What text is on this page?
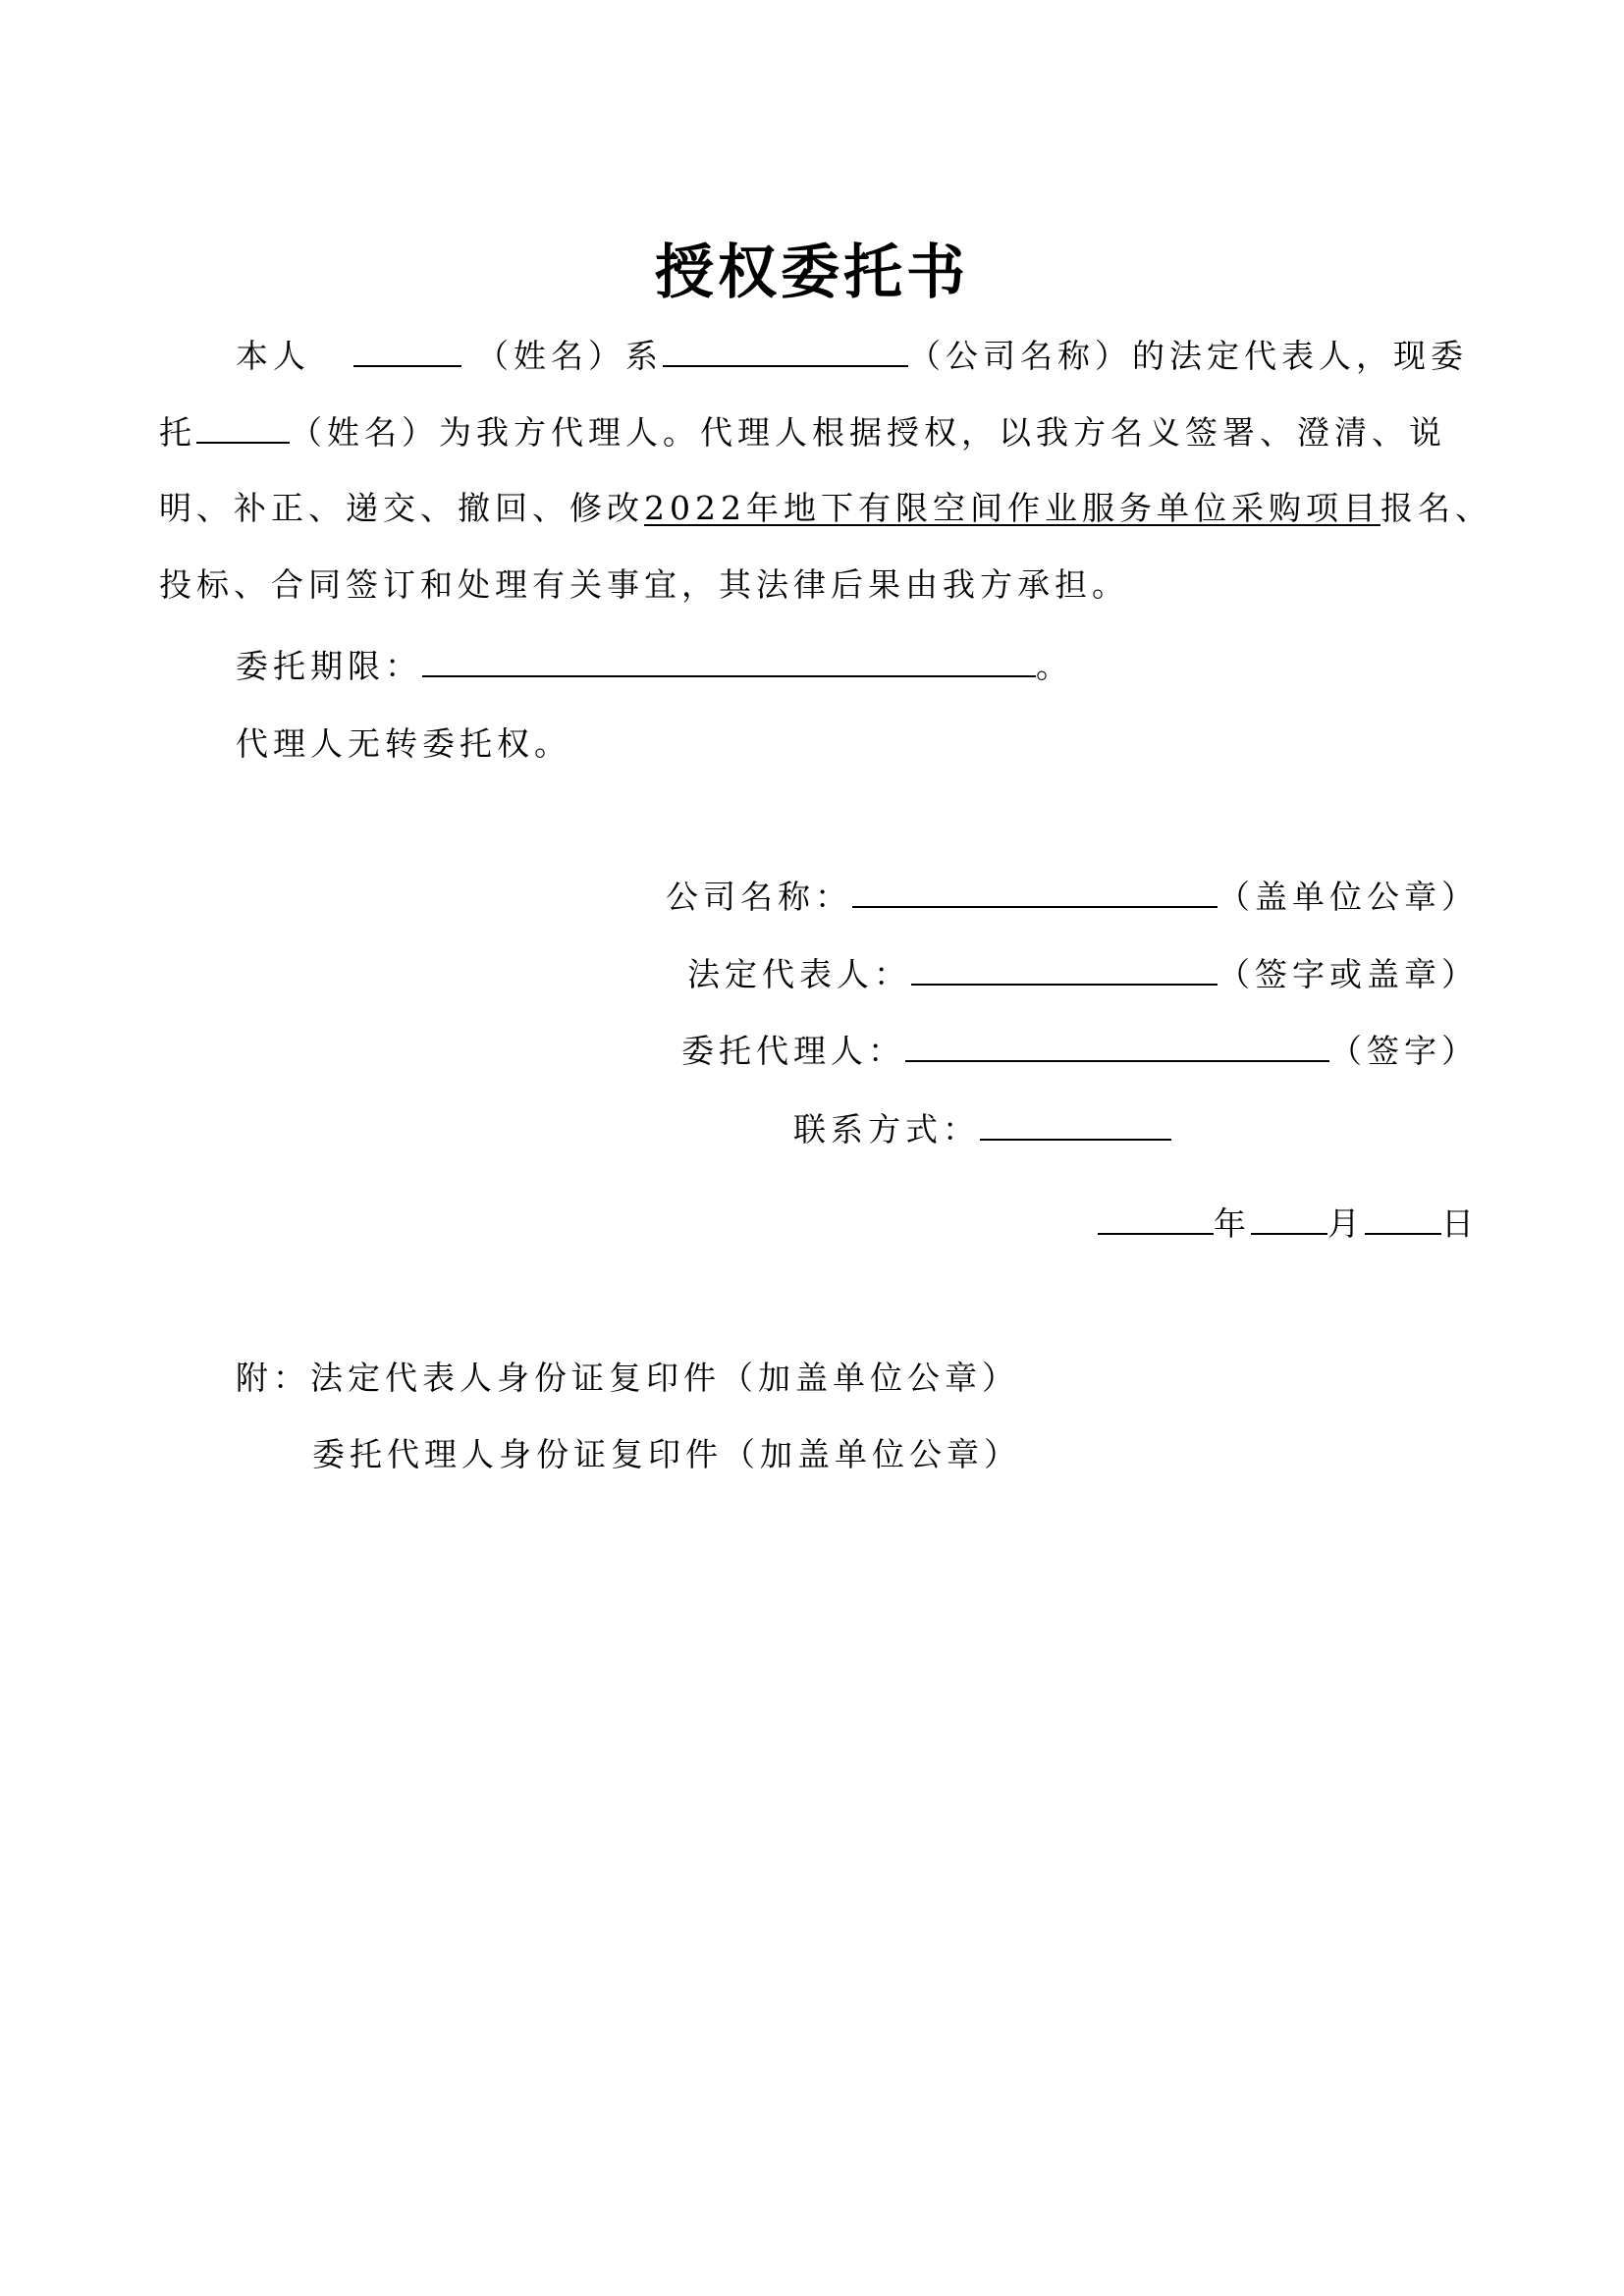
授权委托书
本人	（姓名）系	（公司名称）的法定代表人，现委
托	（姓名）为我方代理人。代理人根据授权，以我方名义签署、澄清、说
明、补正、递交、撤回、修改2022年地下有限空间作业服务单位采购项目报名、
投标、合同签订和处理有关事宜，其法律后果由我方承担。
委托期限：	。
代理人无转委托权。
公司名称：	（盖单位公章）
法定代表人：	（签字或盖章）
委托代理人：	（签字）
联系方式：
年 月 日
附：法定代表人身份证复印件（加盖单位公章）
委托代理人身份证复印件（加盖单位公章）
